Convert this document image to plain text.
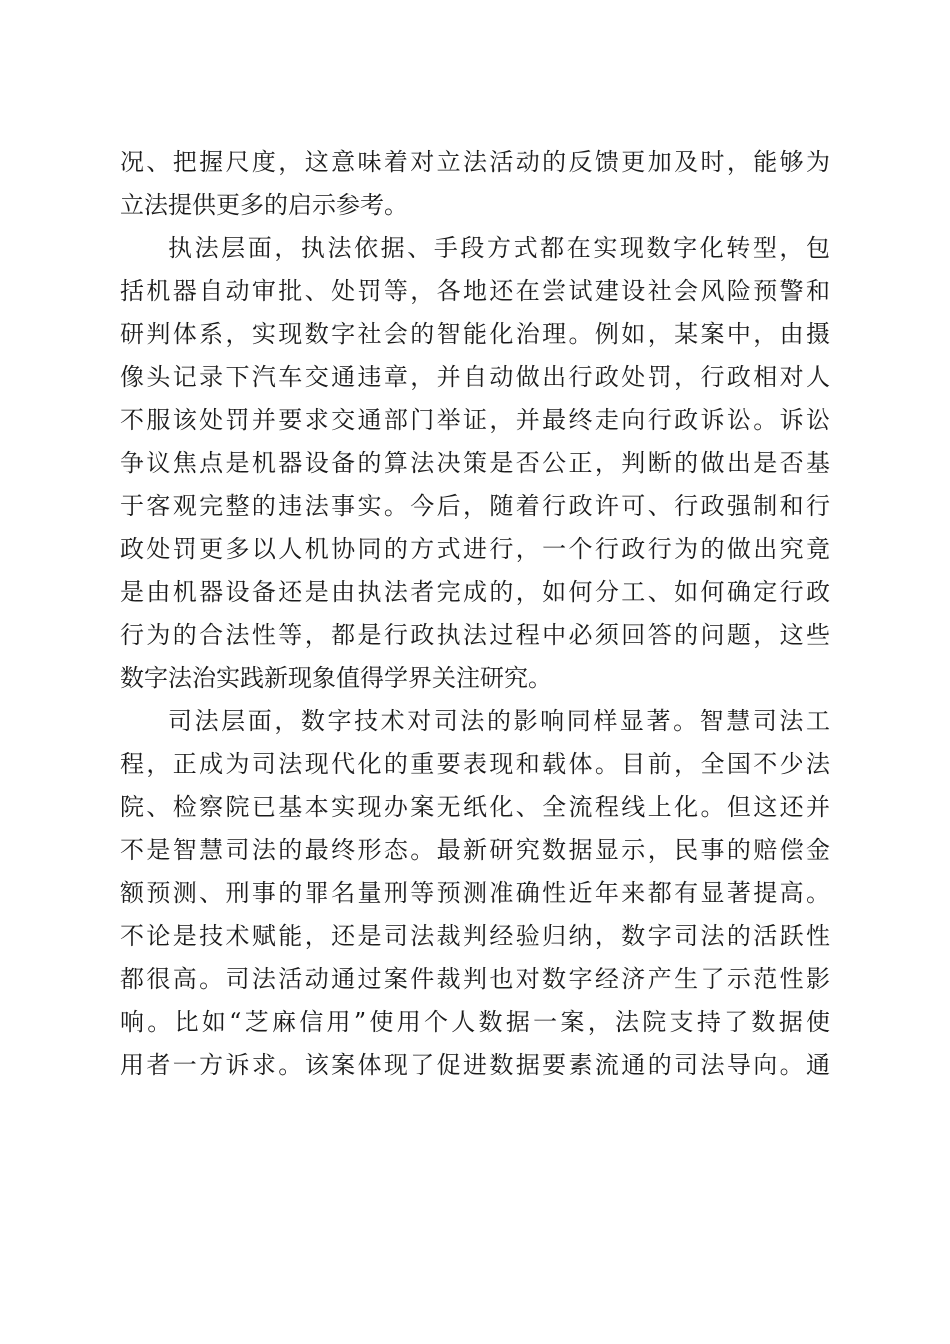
况、把握尺度，这意味着对立法活动的反馈更加及时，能够为
立法提供更多的启示参考。
执法层面，执法依据、手段方式都在实现数字化转型，包
括机器自动审批、处罚等，各地还在尝试建设社会风险预警和
研判体系，实现数字社会的智能化治理。例如，某案中，由摄
像头记录下汽车交通违章，并自动做出行政处罚，行政相对人
不服该处罚并要求交通部门举证，并最终走向行政诉讼。诉讼
争议焦点是机器设备的算法决策是否公正，判断的做出是否基
于客观完整的违法事实。今后，随着行政许可、行政强制和行
政处罚更多以人机协同的方式进行，一个行政行为的做出究竟
是由机器设备还是由执法者完成的，如何分工、如何确定行政
行为的合法性等，都是行政执法过程中必须回答的问题，这些
数字法治实践新现象值得学界关注研究。
司法层面，数字技术对司法的影响同样显著。智慧司法工
程，正成为司法现代化的重要表现和载体。目前，全国不少法
院、检察院已基本实现办案无纸化、全流程线上化。但这还并
不是智慧司法的最终形态。最新研究数据显示，民事的赔偿金
额预测、刑事的罪名量刑等预测准确性近年来都有显著提高。
不论是技术赋能，还是司法裁判经验归纳，数字司法的活跃性
都很高。司法活动通过案件裁判也对数字经济产生了示范性影
响。比如“芝麻信用”使用个人数据一案，法院支持了数据使
用者一方诉求。该案体现了促进数据要素流通的司法导向。通
